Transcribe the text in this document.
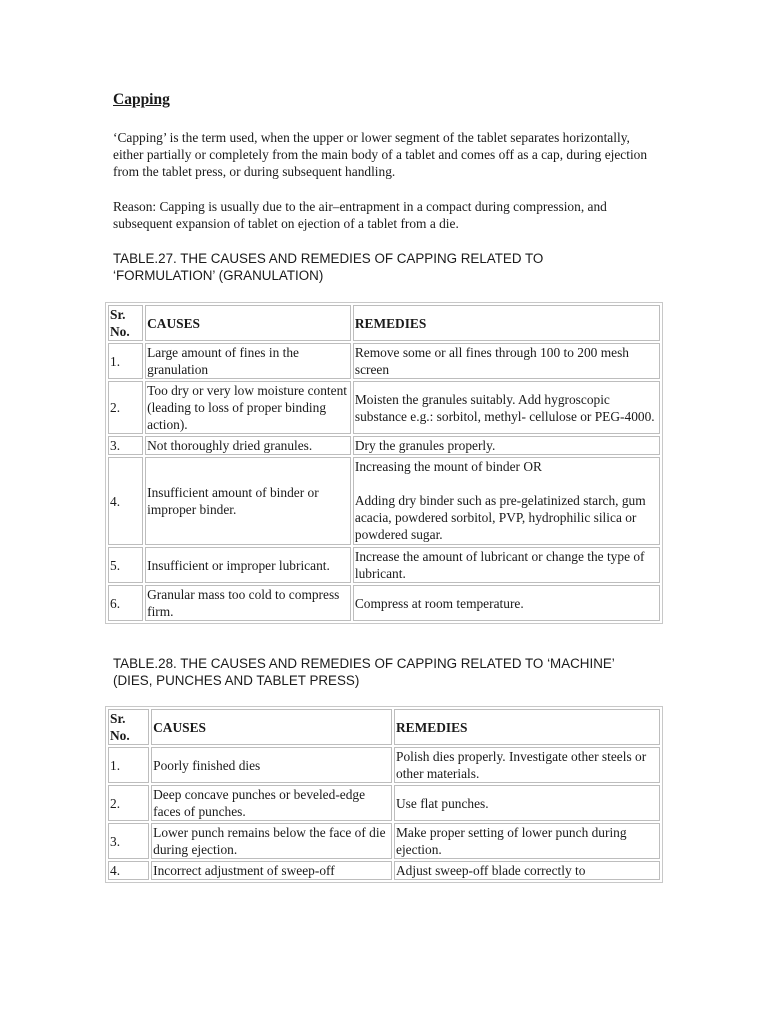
Capping

‘Capping’ is the term used, when the upper or lower segment of the tablet separates horizontally, either partially or completely from the main body of a tablet and comes off as a cap, during ejection from the tablet press, or during subsequent handling.

Reason: Capping is usually due to the air–entrapment in a compact during compression, and subsequent expansion of tablet on ejection of a tablet from a die.

TABLE.27. THE CAUSES AND REMEDIES OF CAPPING RELATED TO ‘FORMULATION’ (GRANULATION)

Sr. No.	CAUSES	REMEDIES
1.	Large amount of fines in the granulation	Remove some or all fines through 100 to 200 mesh screen
2.	Too dry or very low moisture content (leading to loss of proper binding action).	Moisten the granules suitably. Add hygroscopic substance e.g.: sorbitol, methyl- cellulose or PEG-4000.
3.	Not thoroughly dried granules.	Dry the granules properly.
4.	Insufficient amount of binder or improper binder.	Increasing the mount of binder OR
Adding dry binder such as pre-gelatinized starch, gum acacia, powdered sorbitol, PVP, hydrophilic silica or powdered sugar.
5.	Insufficient or improper lubricant.	Increase the amount of lubricant or change the type of lubricant.
6.	Granular mass too cold to compress firm.	Compress at room temperature.

TABLE.28. THE CAUSES AND REMEDIES OF CAPPING RELATED TO ‘MACHINE’ (DIES, PUNCHES AND TABLET PRESS)

Sr. No.	CAUSES	REMEDIES
1.	Poorly finished dies	Polish dies properly. Investigate other steels or other materials.
2.	Deep concave punches or beveled-edge faces of punches.	Use flat punches.
3.	Lower punch remains below the face of die during ejection.	Make proper setting of lower punch during ejection.
4.	Incorrect adjustment of sweep-off	Adjust sweep-off blade correctly to
